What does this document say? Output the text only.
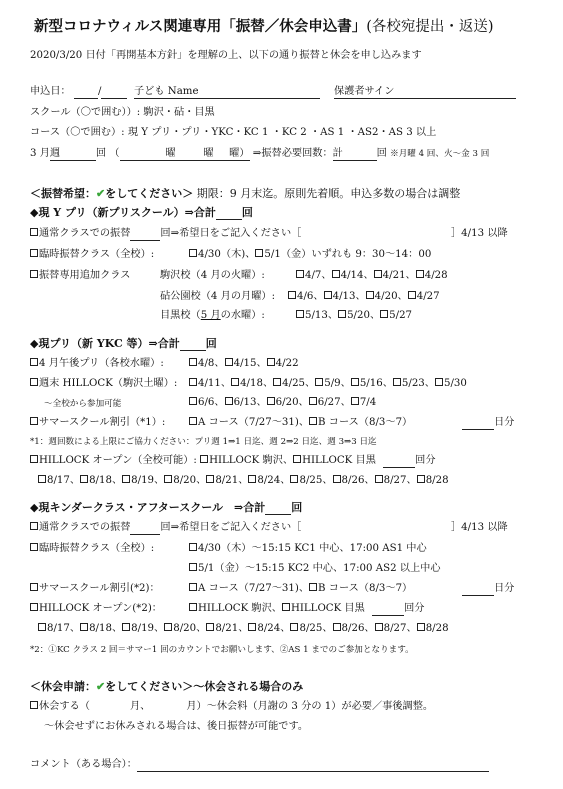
新型コロナウィルス関連専用「振替／休会申込書」(各校宛提出・返送)
2020/3/20 日付「再開基本方針」を理解の上、以下の通り振替と休会を申し込みます
申込日：	/	子ども Name	保護者サイン
スクール（〇で囲む））: 駒沢・砧・目黒
コース（〇で囲む）: 現 Y プリ・プリ・YKC・KC 1 ・KC 2 ・AS 1 ・AS2・AS 3 以上
3 月週	回 （	曜	曜 曜） ⇒振替必要回数：計	回 ※月曜 4 回、火〜金 3 回
＜振替希望：✔をしてください＞ 期限：9 月末迄。原則先着順。申込多数の場合は調整
◆現 Y プリ（新プリスクール）⇒合計 回
通常クラスでの振替	回⇒希望日をご記入ください［	］4/13 以降
臨時振替クラス（全校）:	4/30（木)、 5/1（金）いずれも 9：30〜14：00
振替専用追加クラス	駒沢校（4 月の火曜）:	4/7、 4/14、 4/21、 4/28
砧公園校（4 月の月曜）:	4/6、 4/13、 4/20、 4/27
目黒校（5 月の水曜）:	5/13、 5/20、 5/27
◆現プリ（新 YKC 等）⇒合計 回
4 月午後プリ（各校水曜）:	4/8、 4/15、 4/22
週末 HILLOCK（駒沢土曜）:	4/11、 4/18、 4/25、 5/9、 5/16、 5/23、 5/30
〜全校から参加可能	6/6、 6/13、 6/20、 6/27、 7/4
サマースクール割引（*1）:	A コース（7/27〜31)、 B コース（8/3〜7）	日分
*1：週回数による上限にご協力ください：プリ週 1⇒1 日迄、週 2⇒2 日迄、週 3⇒3 日迄
HILLOCK オープン（全校可能）: HILLOCK 駒沢、 HILLOCK 目黒	回分
8/17、 8/18、 8/19、 8/20、 8/21、 8/24、 8/25、 8/26、 8/27、 8/28
◆現キンダークラス・アフタースクール　⇒合計 回
通常クラスでの振替	回⇒希望日をご記入ください［	］4/13 以降
臨時振替クラス（全校）:	4/30（木）〜15:15 KC1 中心、17:00 AS1 中心
5/1（金）〜15:15 KC2 中心、17:00 AS2 以上中心
サマースクール割引(*2)：	A コース（7/27〜31)、 B コース（8/3〜7）	日分
HILLOCK オープン(*2)：	HILLOCK 駒沢、 HILLOCK 目黒	回分
8/17、 8/18、 8/19、 8/20、 8/21、 8/24、 8/25、 8/26、 8/27、 8/28
*2：①KC クラス 2 回＝サマー1 回のカウントでお願いします、②AS 1 までのご参加となります。
＜休会申請：✔をしてください＞〜休会される場合のみ
休会する（	月、	月）〜休会料（月謝の 3 分の 1）が必要／事後調整。
〜休会せずにお休みされる場合は、後日振替が可能です。
コメント（ある場合）：
